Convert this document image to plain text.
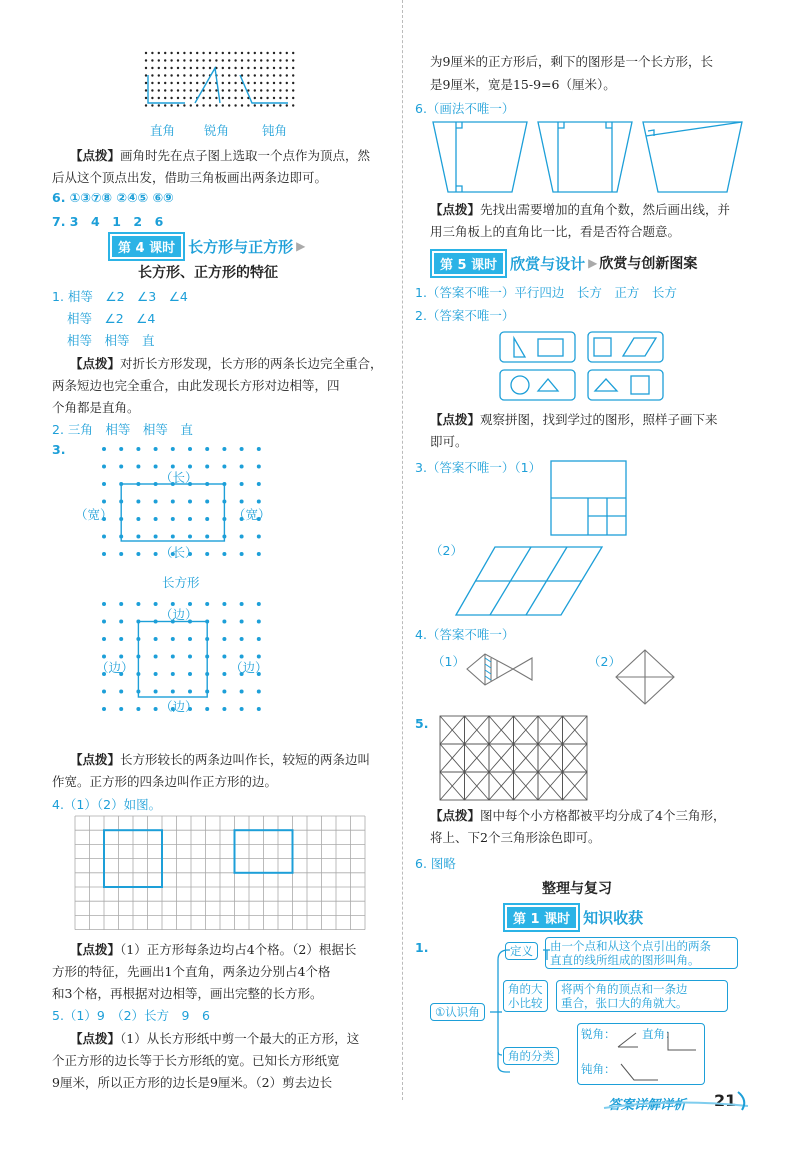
直角 锐角	钝角
【点拨】画角时先在点子图上选取一个点作为顶点，然
后从这个顶点出发，借助三角板画出两条边即可。
6. ①③⑦⑧ ②④⑤ ⑥⑨
7. 3　4　1　2　6
第 4 课时 长方形与正方形 ▶
长方形、正方形的特征
1. 相等　∠2　∠3　∠4
相等　∠2　∠4
相等　相等　直
【点拨】对折长方形发现，长方形的两条长边完全重合，
两条短边也完全重合，由此发现长方形对边相等，四
个角都是直角。
2. 三角　相等　相等　直
3.
（长）
（宽）	（宽）
（长）
长方形
（边）
（边）	（边）
（边）
【点拨】长方形较长的两条边叫作长，较短的两条边叫
作宽。正方形的四条边叫作正方形的边。
4.（1）（2）如图。
【点拨】（1）正方形每条边均占4个格。（2）根据长
方形的特征，先画出1个直角，两条边分别占4个格
和3个格，再根据对边相等，画出完整的长方形。
5.（1）9　（2）长方　9　6
【点拨】（1）从长方形纸中剪一个最大的正方形，这
个正方形的边长等于长方形纸的宽。已知长方形纸宽
9厘米，所以正方形的边长是9厘米。（2）剪去边长
为9厘米的正方形后，剩下的图形是一个长方形，长
是9厘米，宽是15-9=6（厘米）。
6.（画法不唯一）
【点拨】先找出需要增加的直角个数，然后画出线，并
用三角板上的直角比一比，看是否符合题意。
第 5 课时 欣赏与设计 ▶ 欣赏与创新图案
1.（答案不唯一）平行四边　长方　正方　长方
2.（答案不唯一）
【点拨】观察拼图，找到学过的图形，照样子画下来
即可。
3.（答案不唯一）（1）
（2）
4.（答案不唯一）
（1）	（2）
5.
【点拨】图中每个小方格都被平均分成了4个三角形，
将上、下2个三角形涂色即可。
6. 图略
整理与复习
第 1 课时 知识收获
1.
①认识角
定义	由一个点和从这个点引出的两条
直直的线所组成的图形叫角。
角的大
小比较
将两个角的顶点和一条边
重合，张口大的角就大。
角的分类
锐角： 直角：
钝角：
答案详解详析 21
